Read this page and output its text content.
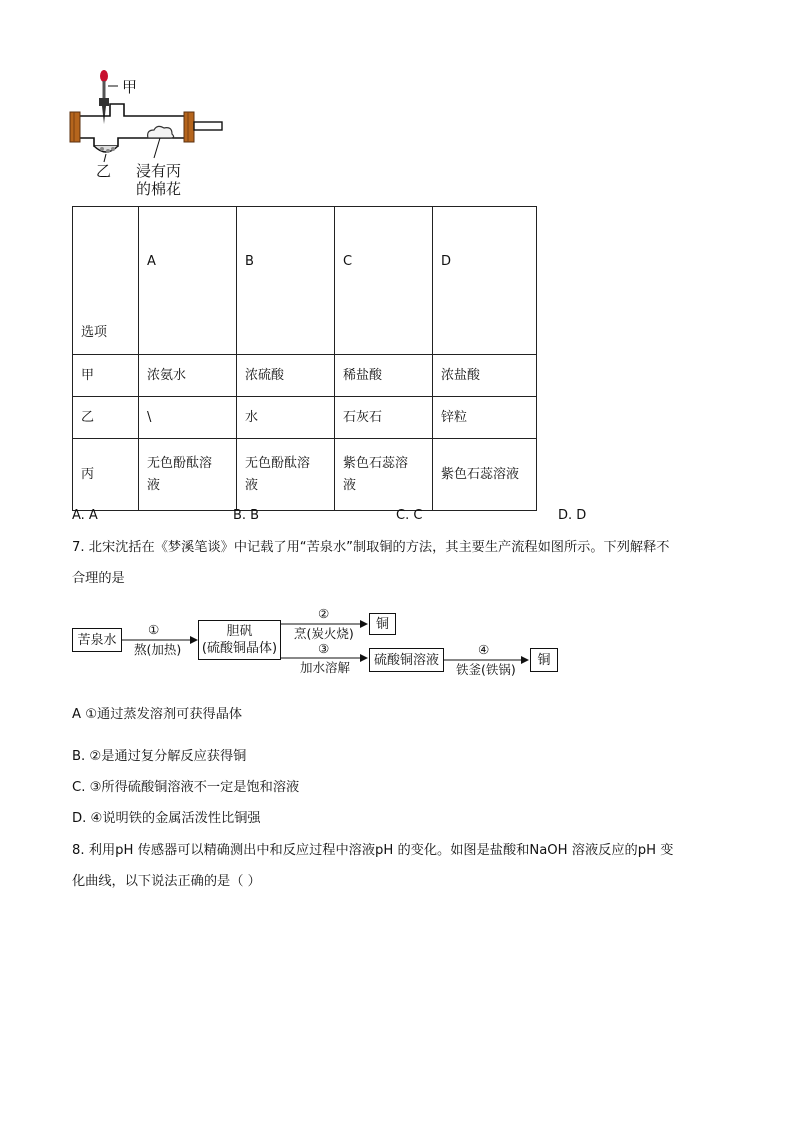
甲
乙 浸有丙
的棉花
选项	A	B	C	D
甲	浓氨水	浓硫酸	稀盐酸	浓盐酸
乙	\	水	石灰石	锌粒
丙	无色酚酞溶液	无色酚酞溶液	紫色石蕊溶液	紫色石蕊溶液
A. A	B. B	C. C	D. D
7. 北宋沈括在《梦溪笔谈》中记载了用“苦泉水”制取铜的方法，其主要生产流程如图所示。下列解释不
合理的是
苦泉水
胆矾
(硫酸铜晶体)
铜
硫酸铜溶液	铜
①
熬(加热)
②
烹(炭火烧)
③
加水溶解
④
铁釜(铁锅)
A ①通过蒸发溶剂可获得晶体
B. ②是通过复分解反应获得铜
C. ③所得硫酸铜溶液不一定是饱和溶液
D. ④说明铁的金属活泼性比铜强
8. 利用pH 传感器可以精确测出中和反应过程中溶液pH 的变化。如图是盐酸和NaOH 溶液反应的pH 变
化曲线，以下说法正确的是（ ）
